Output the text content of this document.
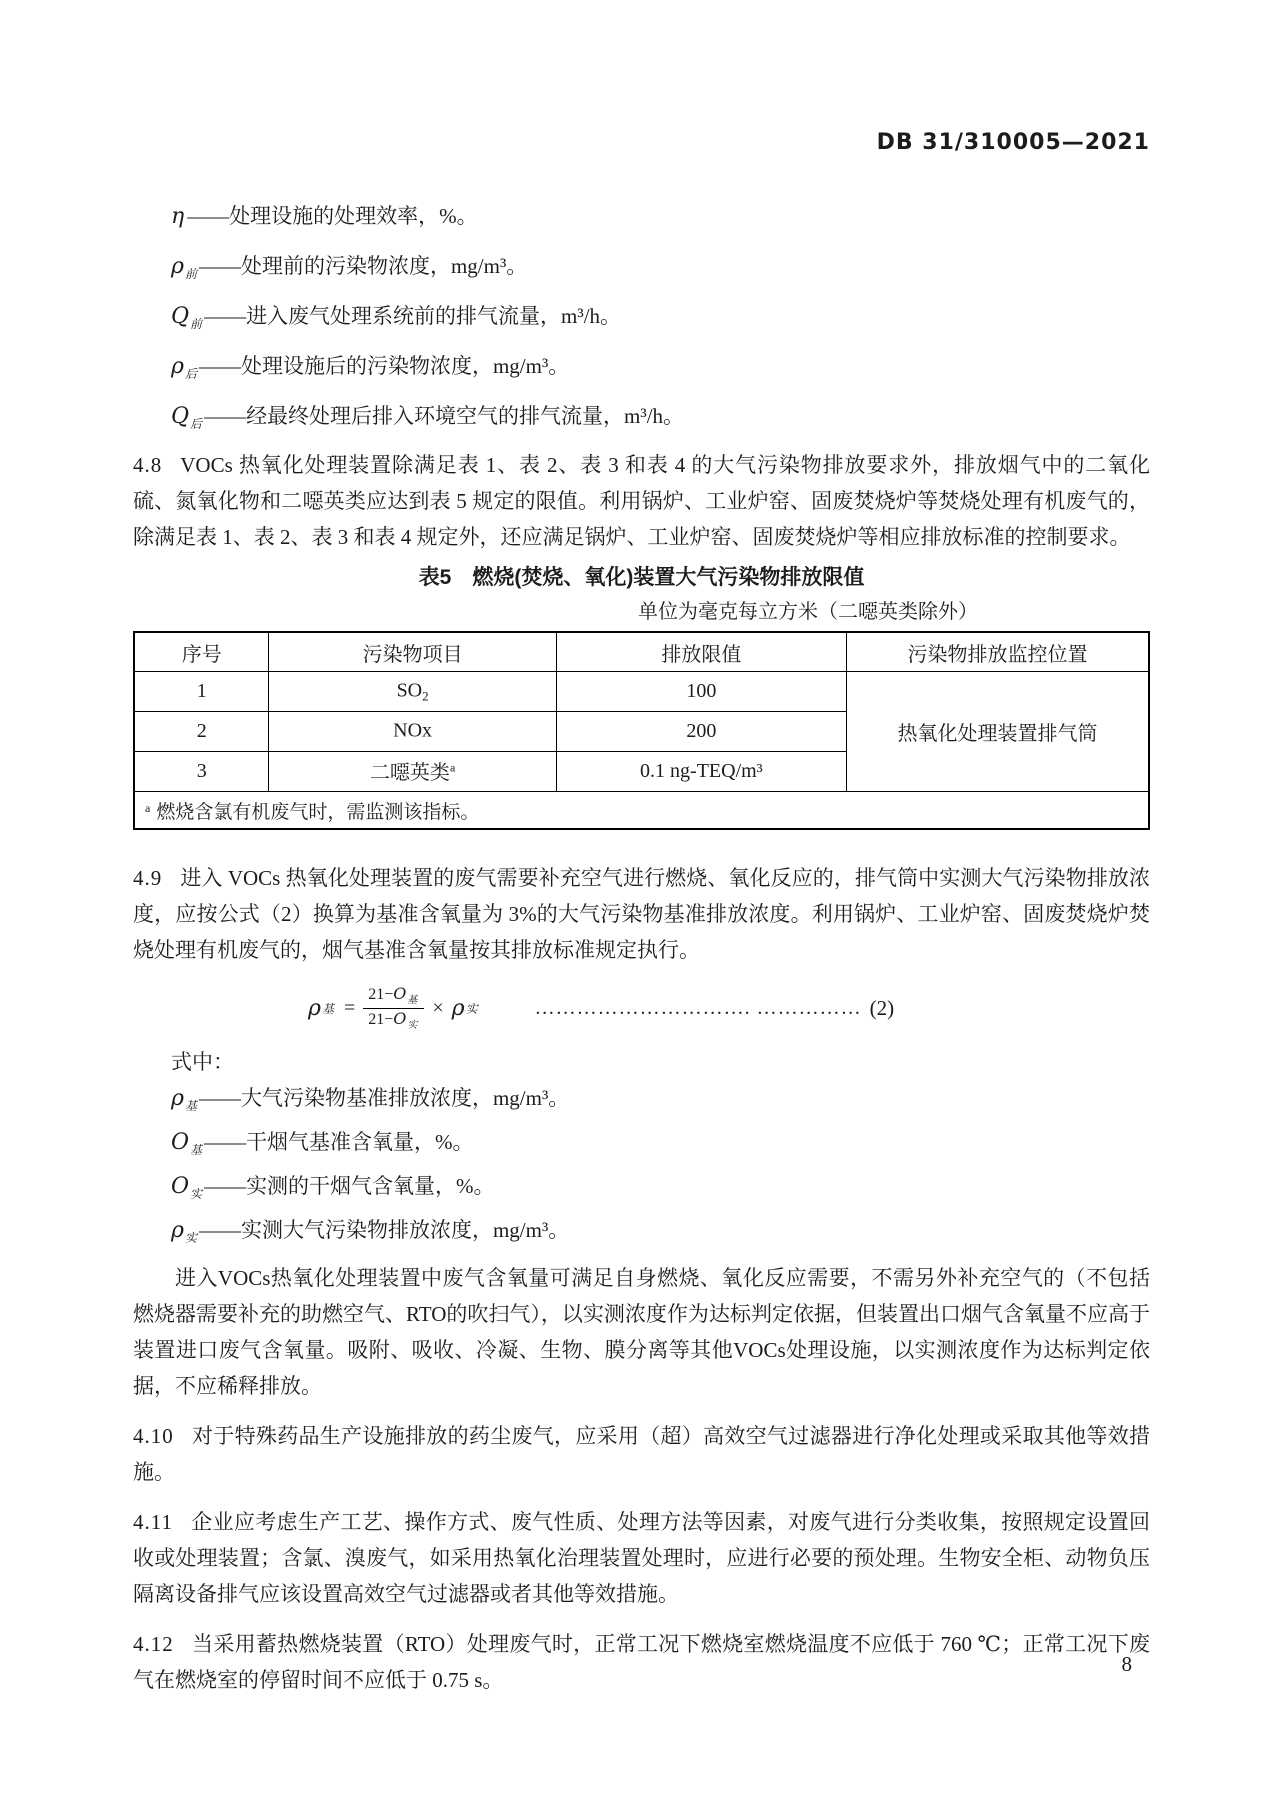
DB 31/310005—2021
η ——处理设施的处理效率，%。
$\rho_前——$处理前的污染物浓度，mg/m³。
$Q_前——$进入废气处理系统前的排气流量，m³/h。
$\rho_后——$处理设施后的污染物浓度，mg/m³。
$Q_后——$经最终处理后排入环境空气的排气流量，m³/h。

4.8 VOCs 热氧化处理装置除满足表 1、表 2、表 3 和表 4 的大气污染物排放要求外，排放烟气中的二氧化硫、氮氧化物和二噁英类应达到表 5 规定的限值。利用锅炉、工业炉窑、固废焚烧炉等焚烧处理有机废气的，除满足表 1、表 2、表 3 和表 4 规定外，还应满足锅炉、工业炉窑、固废焚烧炉等相应排放标准的控制要求。

表5　燃烧(焚烧、氧化)装置大气污染物排放限值
单位为毫克每立方米（二噁英类除外）
序号	污染物项目	排放限值	污染物排放监控位置
1	$SO_2$	100	热氧化处理装置排气筒
2	NOx	200	
3	二噁英类$^a$	0.1 ng-TEQ/m³	
$^a$ 燃烧含氯有机废气时，需监测该指标。			

4.9 进入 VOCs 热氧化处理装置的废气需要补充空气进行燃烧、氧化反应的，排气筒中实测大气污染物排放浓度，应按公式（2）换算为基准含氧量为 3%的大气污染物基准排放浓度。利用锅炉、工业炉窑、固废焚烧炉焚烧处理有机废气的，烟气基准含氧量按其排放标准规定执行。

ρ 基 = $\frac{21-O_基}{21-O_实} \times \rho$ 实	…………………………. …………… (2)

式中：

$\rho_基——$大气污染物基准排放浓度，mg/m³。
$O_基——$干烟气基准含氧量，%。
$O_实——$实测的干烟气含氧量，%。
$\rho_实——$实测大气污染物排放浓度，mg/m³。

进入VOCs热氧化处理装置中废气含氧量可满足自身燃烧、氧化反应需要，不需另外补充空气的（不包括燃烧器需要补充的助燃空气、RTO的吹扫气），以实测浓度作为达标判定依据，但装置出口烟气含氧量不应高于装置进口废气含氧量。吸附、吸收、冷凝、生物、膜分离等其他VOCs处理设施，以实测浓度作为达标判定依据，不应稀释排放。

4.10 对于特殊药品生产设施排放的药尘废气，应采用（超）高效空气过滤器进行净化处理或采取其他等效措施。

4.11 企业应考虑生产工艺、操作方式、废气性质、处理方法等因素，对废气进行分类收集，按照规定设置回收或处理装置；含氯、溴废气，如采用热氧化治理装置处理时，应进行必要的预处理。生物安全柜、动物负压隔离设备排气应该设置高效空气过滤器或者其他等效措施。

4.12 当采用蓄热燃烧装置（RTO）处理废气时，正常工况下燃烧室燃烧温度不应低于 760 ℃；正常工况下废气在燃烧室的停留时间不应低于 0.75 s。

8
